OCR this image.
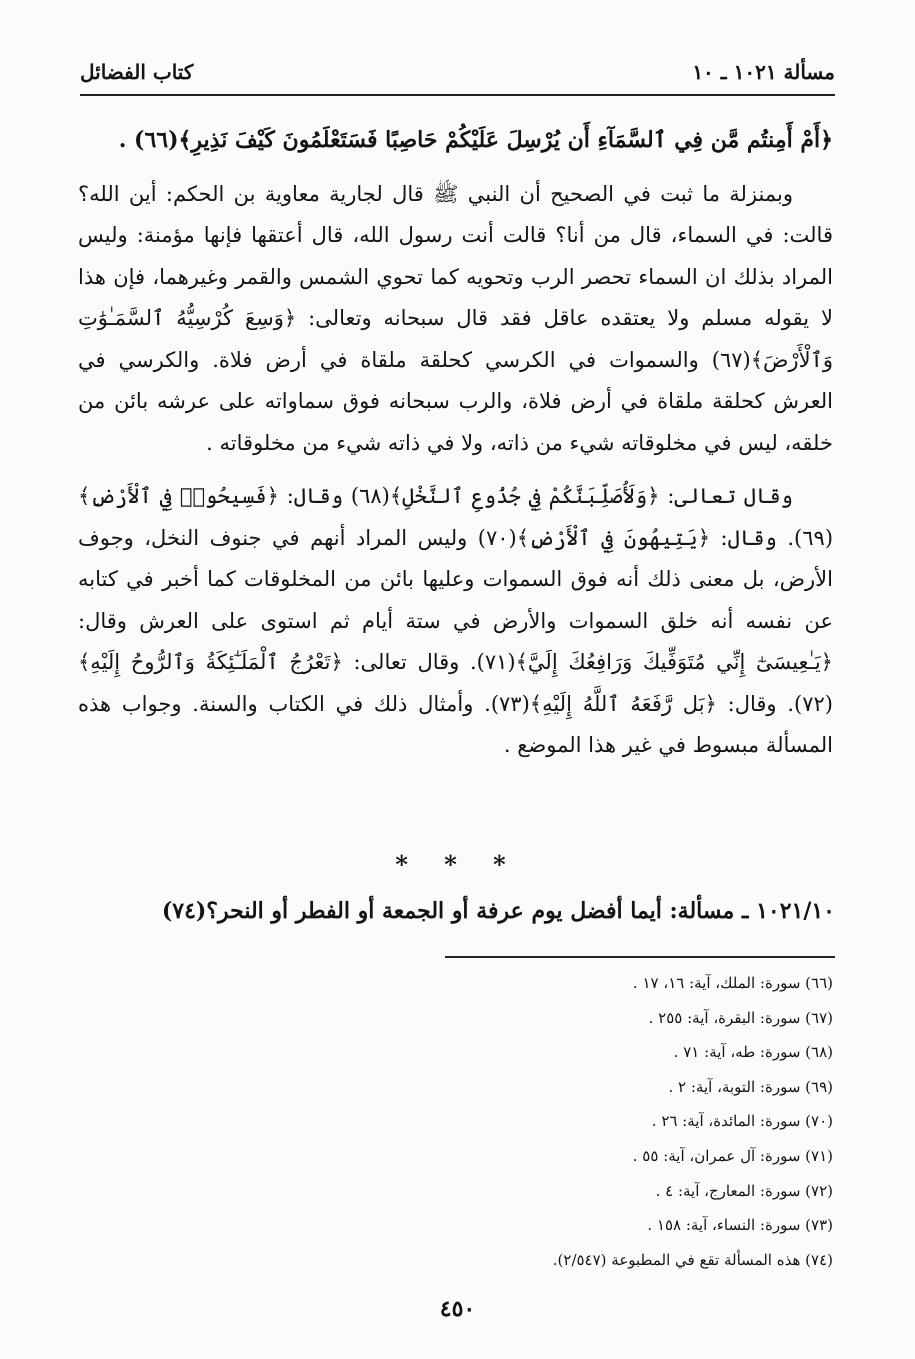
مسألة ١٠٢١ ـ ١٠
كتاب الفضائل

﴿أَمْ أَمِنتُم مَّن فِي ٱلسَّمَآءِ أَن يُرْسِلَ عَلَيْكُمْ حَاصِبًا فَسَتَعْلَمُونَ كَيْفَ نَذِيرِ﴾(٦٦) .

وبمنزلة ما ثبت في الصحيح أن النبي ﷺ قال لجارية معاوية بن الحكم: أين الله؟ قالت: في السماء، قال من أنا؟ قالت أنت رسول الله، قال أعتقها فإنها مؤمنة: وليس المراد بذلك ان السماء تحصر الرب وتحويه كما تحوي الشمس والقمر وغيرهما، فإن هذا لا يقوله مسلم ولا يعتقده عاقل فقد قال سبحانه وتعالى: ﴿وَسِعَ كُرْسِيُّهُ ٱلسَّمَـٰوَٰتِ وَٱلْأَرْضَ﴾(٦٧) والسموات في الكرسي كحلقة ملقاة في أرض فلاة. والكرسي في العرش كحلقة ملقاة في أرض فلاة، والرب سبحانه فوق سماواته على عرشه بائن من خلقه، ليس في مخلوقاته شيء من ذاته، ولا في ذاته شيء من مخلوقاته .

وقال تعالى: ﴿وَلَأُصَلِّبَنَّكُمْ فِي جُذُوعِ ٱلنَّخْلِ﴾(٦٨) وقال: ﴿فَسِيحُوا۟ فِي ٱلْأَرْضِ﴾(٦٩). وقال: ﴿يَتِيهُونَ فِي ٱلْأَرْضِ﴾(٧٠) وليس المراد أنهم في جنوف النخل، وجوف الأرض، بل معنى ذلك أنه فوق السموات وعليها بائن من المخلوقات كما أخبر في كتابه عن نفسه أنه خلق السموات والأرض في ستة أيام ثم استوى على العرش وقال: ﴿يَـٰعِيسَىٰٓ إِنِّي مُتَوَفِّيكَ وَرَافِعُكَ إِلَيَّ﴾(٧١). وقال تعالى: ﴿تَعْرُجُ ٱلْمَلَـٰٓئِكَةُ وَٱلرُّوحُ إِلَيْهِ﴾(٧٢). وقال: ﴿بَل رَّفَعَهُ ٱللَّهُ إِلَيْهِ﴾(٧٣). وأمثال ذلك في الكتاب والسنة. وجواب هذه المسألة مبسوط في غير هذا الموضع .

* * *
١٠٢١/١٠ ـ مسألة: أيما أفضل يوم عرفة أو الجمعة أو الفطر أو النحر؟(٧٤)
(٦٦) سورة: الملك، آية: ١٦، ١٧ .
(٦٧) سورة: البقرة، آية: ٢٥٥ .
(٦٨) سورة: طه، آية: ٧١ .
(٦٩) سورة: التوبة، آية: ٢ .
(٧٠) سورة: المائدة، آية: ٢٦ .
(٧١) سورة: آل عمران، آية: ٥٥ .
(٧٢) سورة: المعارج، آية: ٤ .
(٧٣) سورة: النساء، آية: ١٥٨ .
(٧٤) هذه المسألة تقع في المطبوعة (٢/٥٤٧).
٤٥٠
